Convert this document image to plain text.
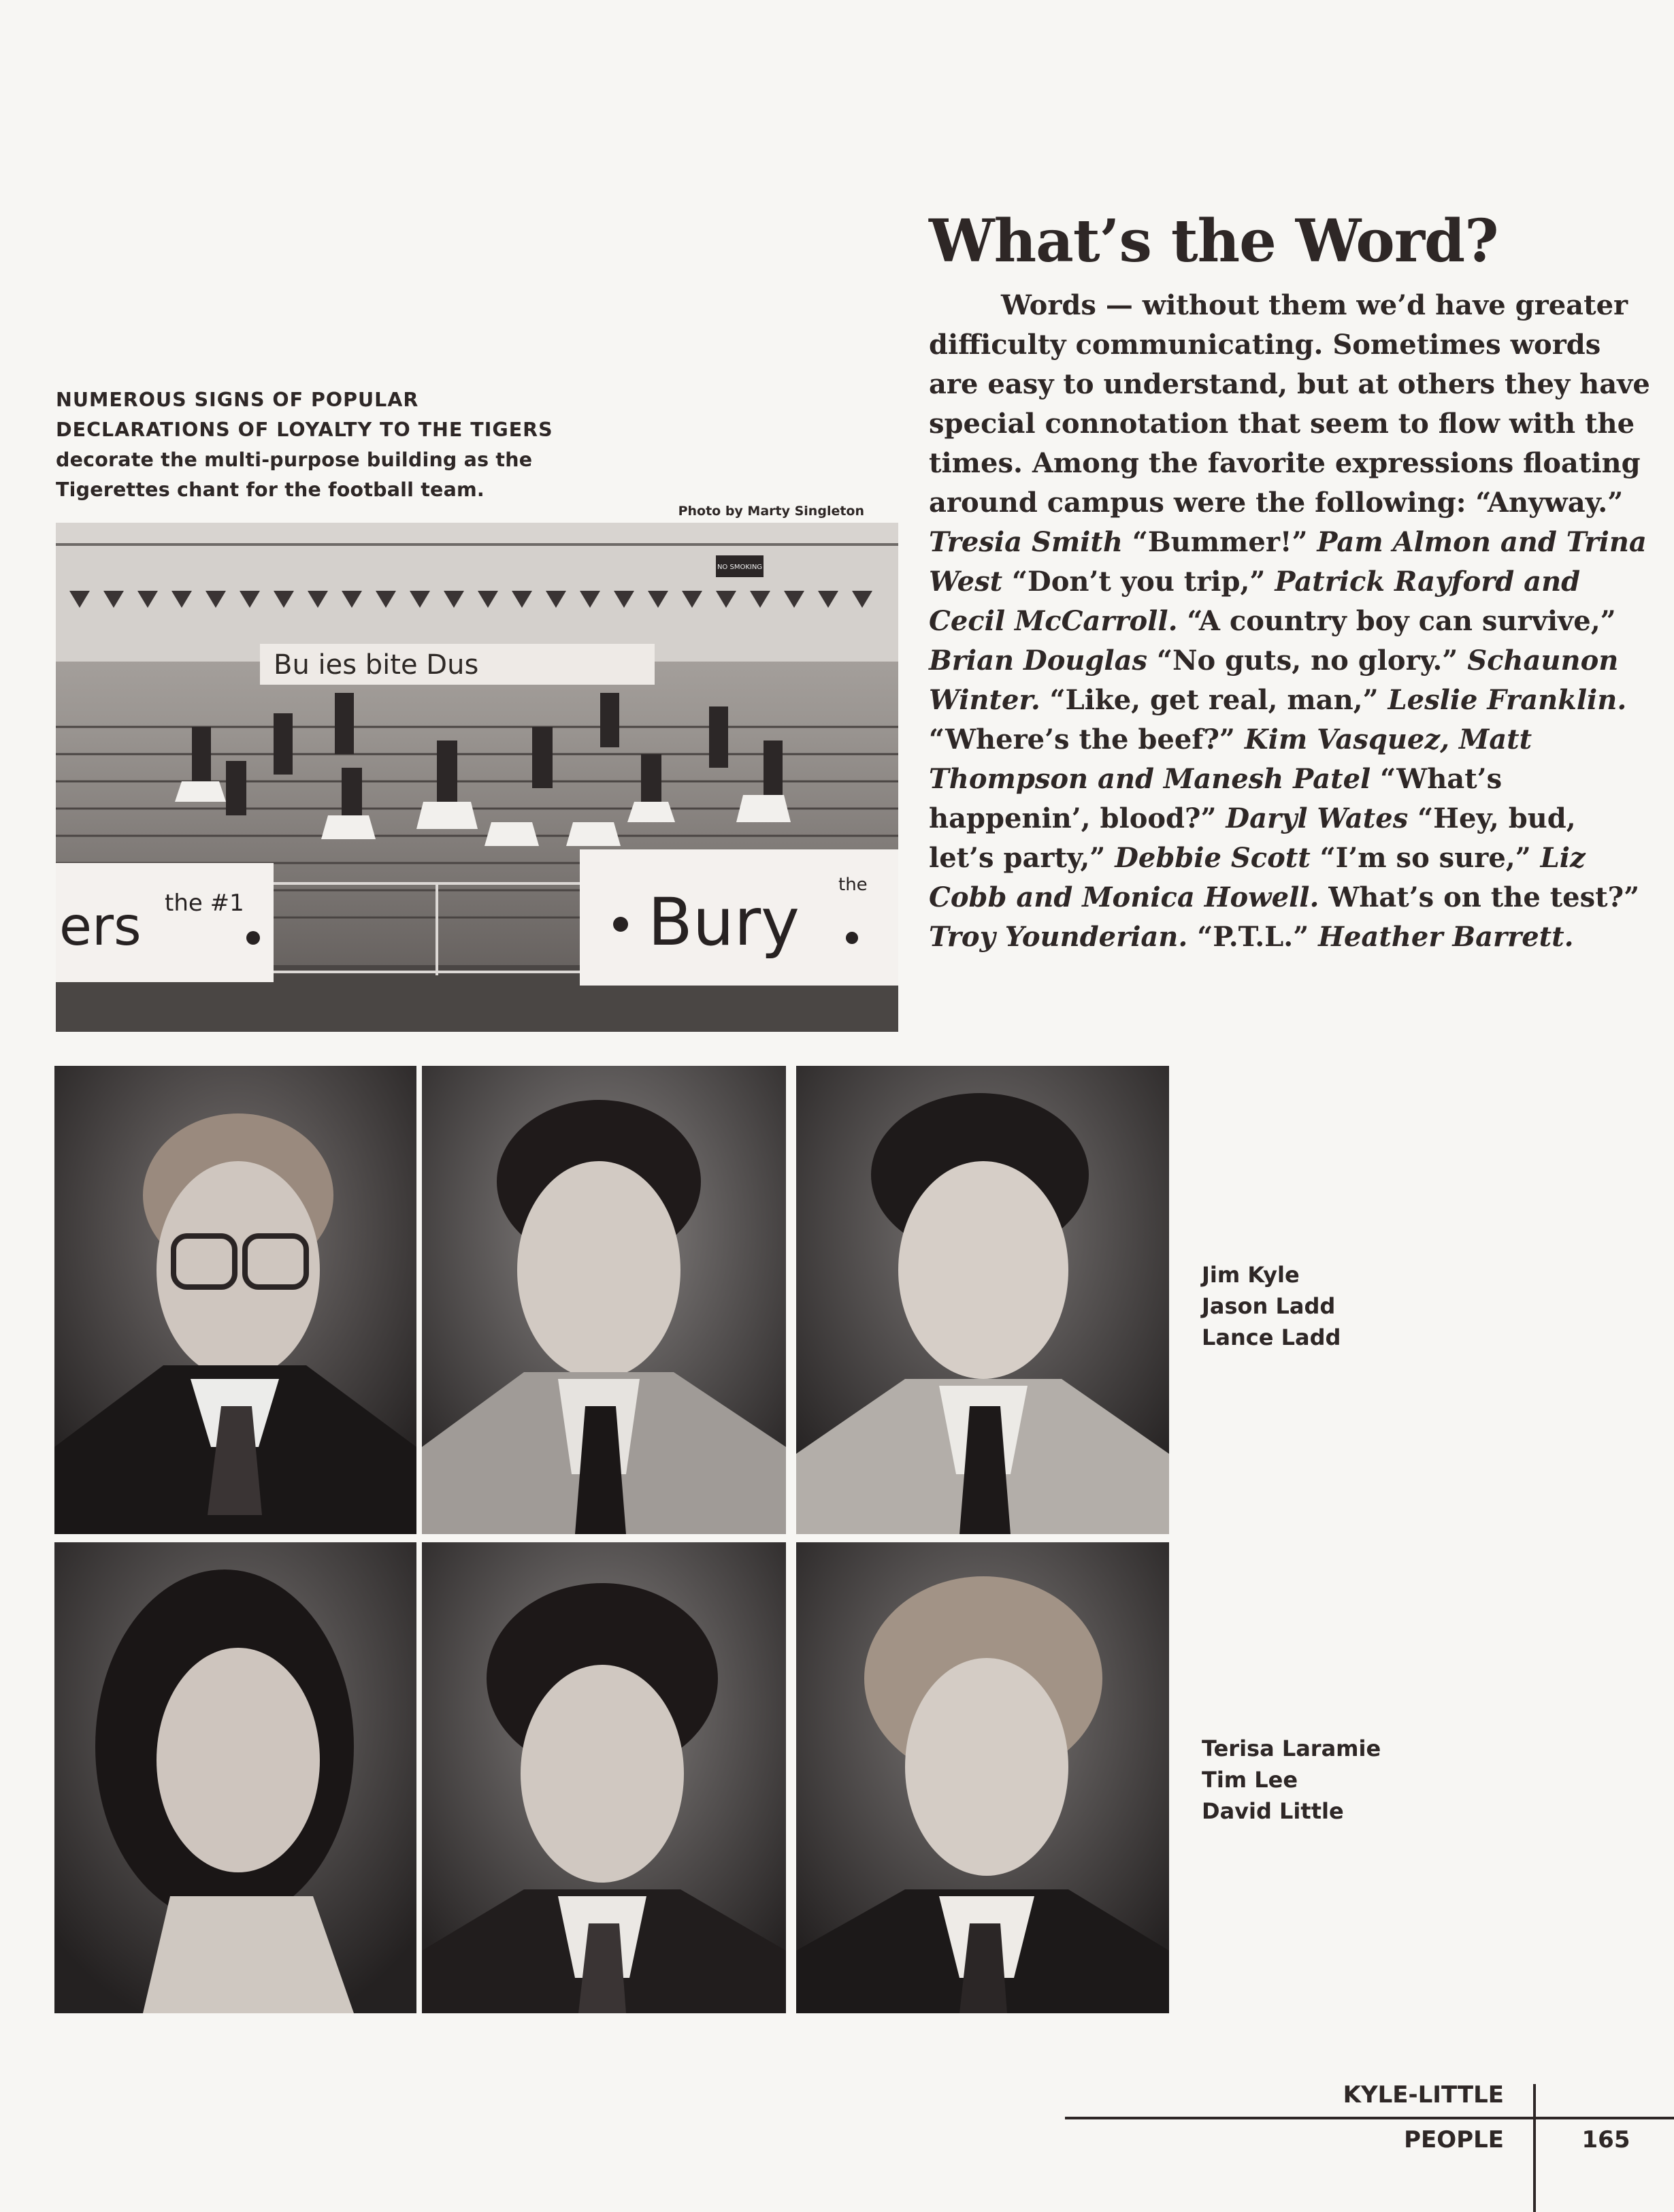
What’s the Word?

Words — without them we’d have greater difficulty communicating. Sometimes words are easy to understand, but at others they have special connotation that seem to flow with the times. Among the favorite expressions floating around campus were the following: “Anyway.” Tresia Smith “Bummer!” Pam Almon and Trina West “Don’t you trip,” Patrick Rayford and Cecil McCarroll. “A country boy can survive,” Brian Douglas “No guts, no glory.” Schaunon Winter. “Like, get real, man,” Leslie Franklin. “Where’s the beef?” Kim Vasquez, Matt Thompson and Manesh Patel “What’s happenin’, blood?” Daryl Wates “Hey, bud, let’s party,” Debbie Scott “I’m so sure,” Liz Cobb and Monica Howell. What’s on the test?” Troy Younderian. “P.T.L.” Heather Barrett.

NUMEROUS SIGNS OF POPULAR DECLARATIONS OF LOYALTY TO THE TIGERS decorate the multi-purpose building as the Tigerettes chant for the football team.
Photo by Marty Singleton
NO SMOKING
Bu ies bite Dus
ers the #1	Bury the
Jim Kyle
Jason Ladd
Lance Ladd
Terisa Laramie
Tim Lee
David Little
KYLE-LITTLE
PEOPLE	165
